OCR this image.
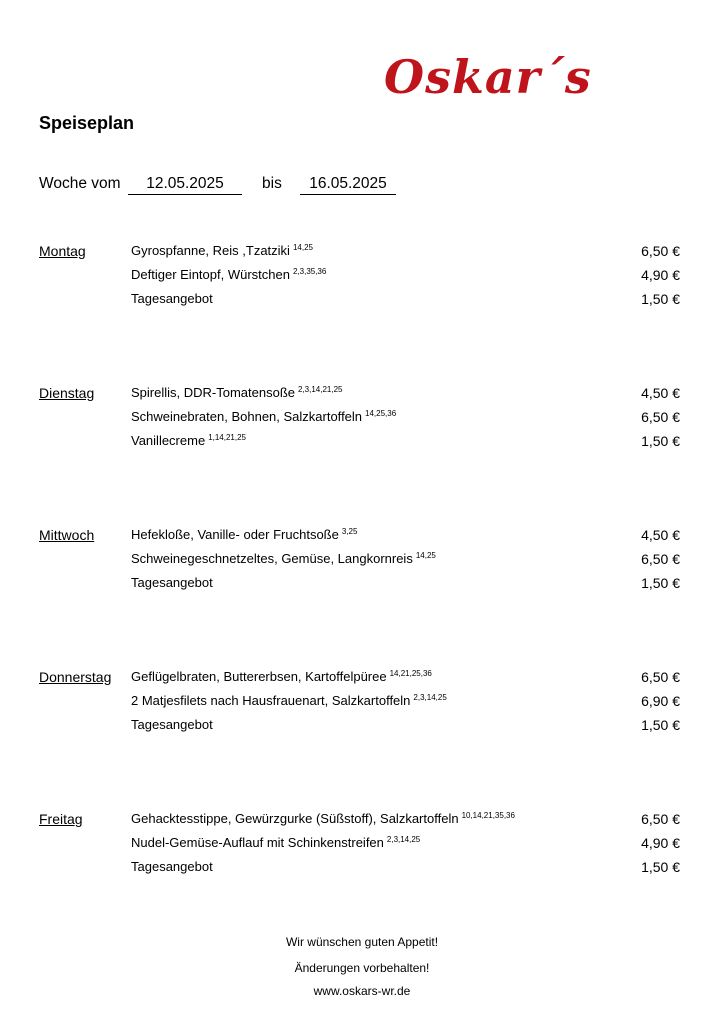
Oskar´s
Speiseplan
Woche vom	12.05.2025	bis	16.05.2025
Montag	Gyrospfanne, Reis ,Tzatziki $^{14,25}$	6,50 €
Deftiger Eintopf, Würstchen $^{2,3,35,36}$	4,90 €
Tagesangebot	1,50 €
Dienstag	Spirellis, DDR-Tomatensoße $^{2,3,14,21,25}$	4,50 €
Schweinebraten, Bohnen, Salzkartoffeln $^{14,25,36}$	6,50 €
Vanillecreme $^{1,14,21,25}$	1,50 €
Mittwoch	Hefekloße, Vanille- oder Fruchtsoße $^{3,25}$	4,50 €
Schweinegeschnetzeltes, Gemüse, Langkornreis $^{14,25}$	6,50 €
Tagesangebot	1,50 €
Donnerstag Geflügelbraten, Buttererbsen, Kartoffelpüree $^{14,21,25,36}$	6,50 €
2 Matjesfilets nach Hausfrauenart, Salzkartoffeln $^{2,3,14,25}$	6,90 €
Tagesangebot	1,50 €
Freitag	Gehacktesstippe, Gewürzgurke (Süßstoff), Salzkartoffeln $^{10,14,21,35,36}$	6,50 €
Nudel-Gemüse-Auflauf mit Schinkenstreifen $^{2,3,14,25}$	4,90 €
Tagesangebot	1,50 €
Wir wünschen guten Appetit!
Änderungen vorbehalten!
www.oskars-wr.de
